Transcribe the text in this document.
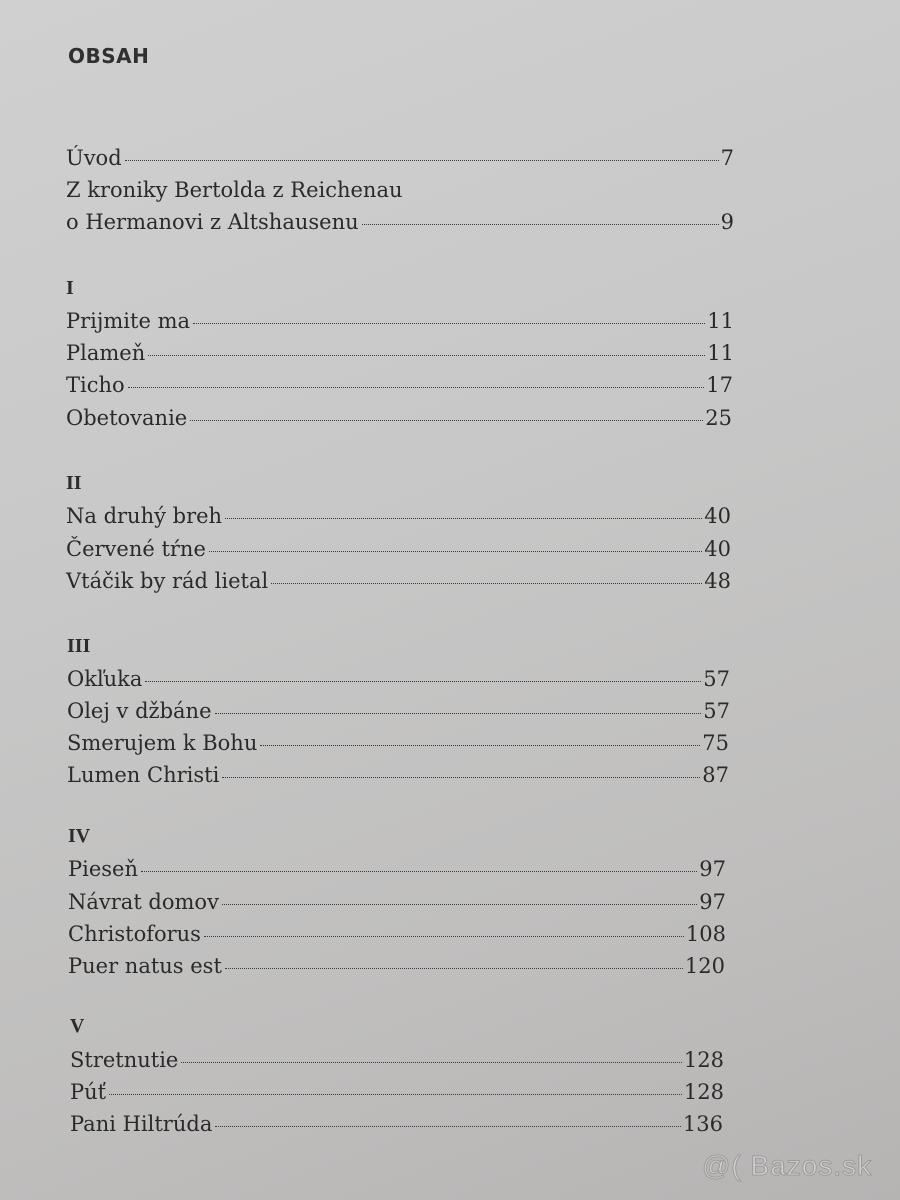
OBSAH
Úvod	7
Z kroniky Bertolda z Reichenau
o Hermanovi z Altshausenu	9
I
Prijmite ma	11
Plameň	11
Ticho	17
Obetovanie	25
II
Na druhý breh	40
Červené tŕne	40
Vtáčik by rád lietal	48
III
Okľuka	57
Olej v džbáne	57
Smerujem k Bohu	75
Lumen Christi	87
IV
Pieseň	97
Návrat domov	97
Christoforus	108
Puer natus est	120
V
Stretnutie	128
Púť	128
Pani Hiltrúda	136
@( Bazos.sk
